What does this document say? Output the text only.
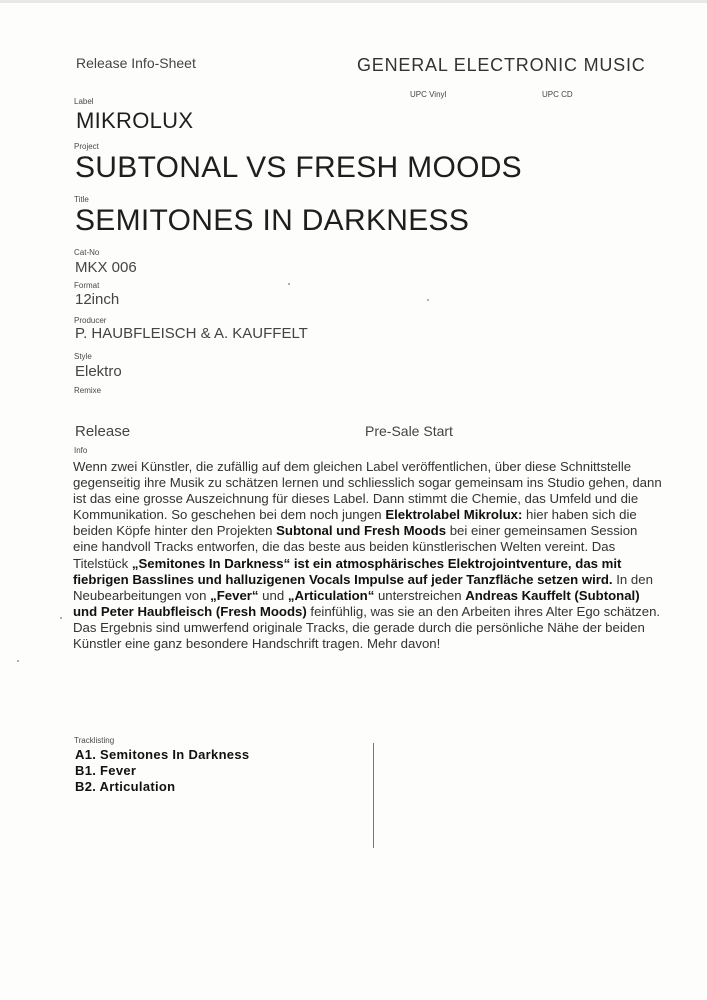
Release Info-Sheet	GENERAL ELECTRONIC MUSIC
UPC Vinyl	UPC CD
Label
MIKROLUX
Project
SUBTONAL VS FRESH MOODS
Title
SEMITONES IN DARKNESS
Cat-No
MKX 006
Format
12inch
Producer
P. HAUBFLEISCH & A. KAUFFELT
Style
Elektro
Remixe
Release	Pre-Sale Start
Info
Wenn zwei Künstler, die zufällig auf dem gleichen Label veröffentlichen, über diese Schnittstelle gegenseitig ihre Musik zu schätzen lernen und schliesslich sogar gemeinsam ins Studio gehen, dann ist das eine grosse Auszeichnung für dieses Label. Dann stimmt die Chemie, das Umfeld und die Kommunikation. So geschehen bei dem noch jungen Elektrolabel Mikrolux: hier haben sich die beiden Köpfe hinter den Projekten Subtonal und Fresh Moods bei einer gemeinsamen Session eine handvoll Tracks entworfen, die das beste aus beiden künstlerischen Welten vereint. Das Titelstück „Semitones In Darkness“ ist ein atmosphärisches Elektrojointventure, das mit fiebrigen Basslines und halluzigenen Vocals Impulse auf jeder Tanzfläche setzen wird. In den Neubearbeitungen von „Fever“ und „Articulation“ unterstreichen Andreas Kauffelt (Subtonal) und Peter Haubfleisch (Fresh Moods) feinfühlig, was sie an den Arbeiten ihres Alter Ego schätzen. Das Ergebnis sind umwerfend originale Tracks, die gerade durch die persönliche Nähe der beiden Künstler eine ganz besondere Handschrift tragen. Mehr davon!
Tracklisting
A1. Semitones In Darkness
B1. Fever
B2. Articulation
